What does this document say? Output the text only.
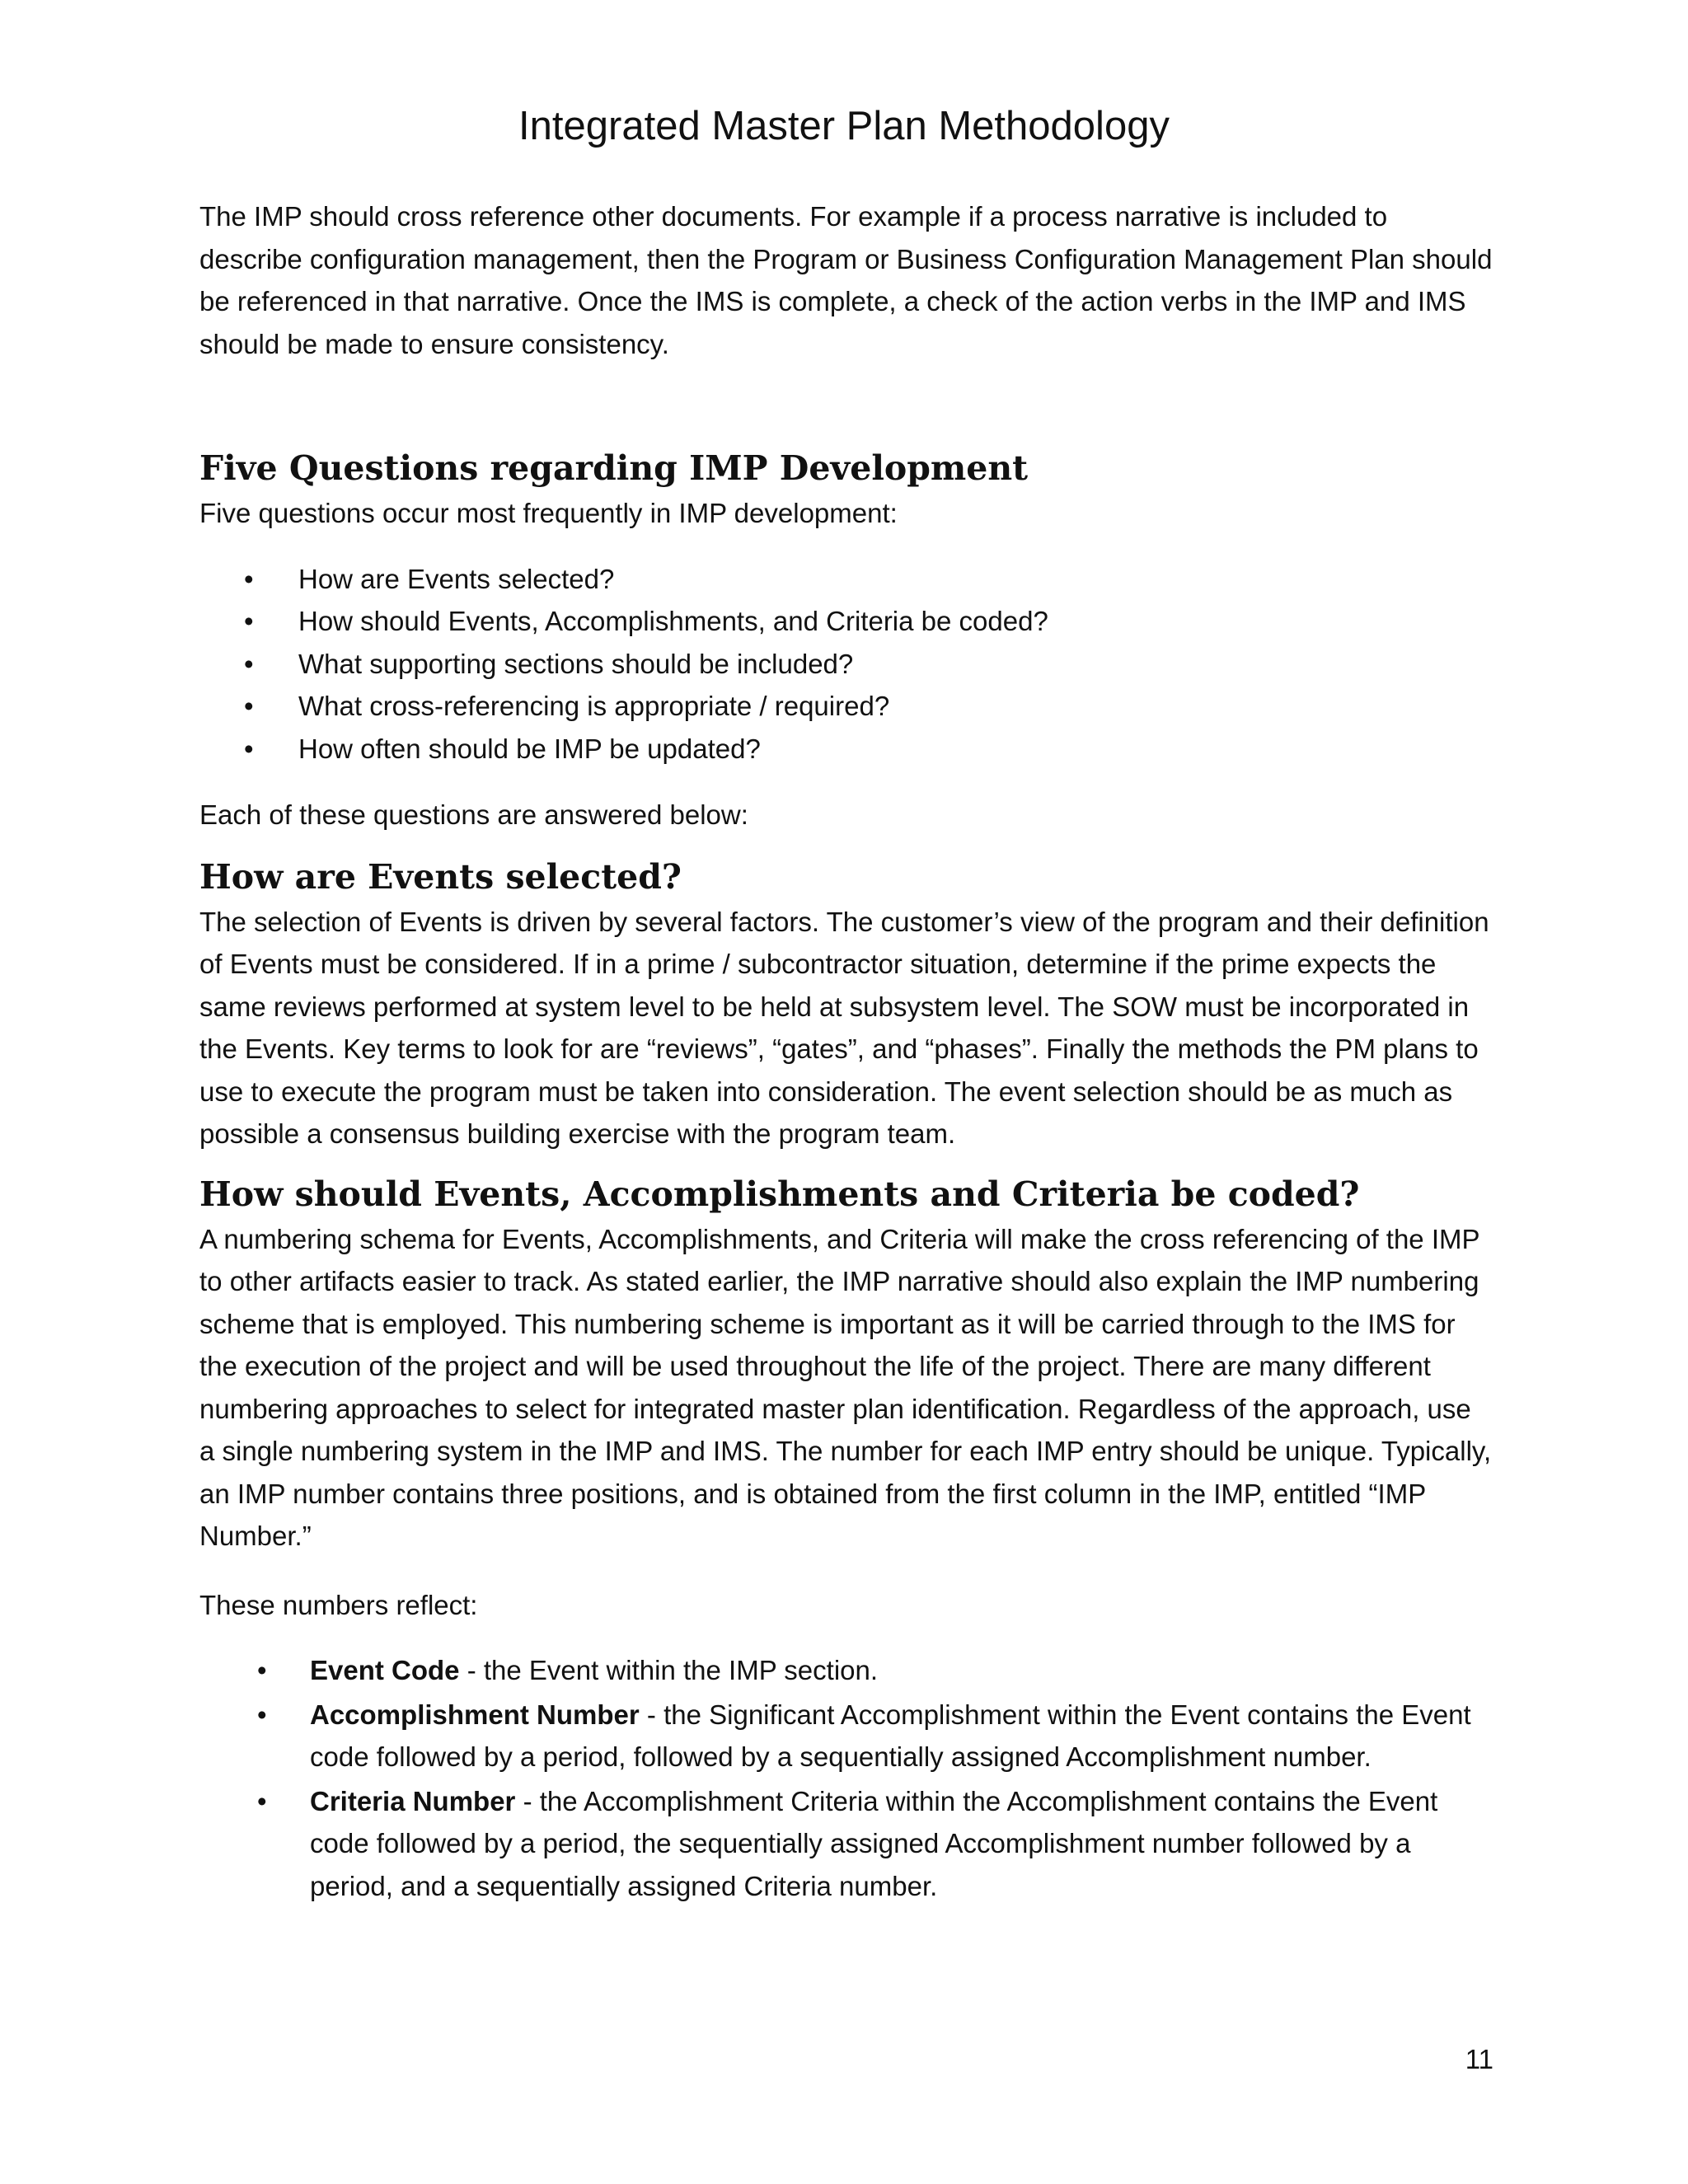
Integrated Master Plan Methodology

The IMP should cross reference other documents. For example if a process narrative is included to describe configuration management, then the Program or Business Configuration Management Plan should be referenced in that narrative. Once the IMS is complete, a check of the action verbs in the IMP and IMS should be made to ensure consistency.

Five Questions regarding IMP Development

Five questions occur most frequently in IMP development:

• How are Events selected?
• How should Events, Accomplishments, and Criteria be coded?
• What supporting sections should be included?
• What cross-referencing is appropriate / required?
• How often should be IMP be updated?

Each of these questions are answered below:

How are Events selected?

The selection of Events is driven by several factors. The customer’s view of the program and their definition of Events must be considered. If in a prime / subcontractor situation, determine if the prime expects the same reviews performed at system level to be held at subsystem level. The SOW must be incorporated in the Events. Key terms to look for are “reviews”, “gates”, and “phases”. Finally the methods the PM plans to use to execute the program must be taken into consideration. The event selection should be as much as possible a consensus building exercise with the program team.

How should Events, Accomplishments and Criteria be coded?

A numbering schema for Events, Accomplishments, and Criteria will make the cross referencing of the IMP to other artifacts easier to track. As stated earlier, the IMP narrative should also explain the IMP numbering scheme that is employed. This numbering scheme is important as it will be carried through to the IMS for the execution of the project and will be used throughout the life of the project. There are many different numbering approaches to select for integrated master plan identification. Regardless of the approach, use a single numbering system in the IMP and IMS. The number for each IMP entry should be unique. Typically, an IMP number contains three positions, and is obtained from the first column in the IMP, entitled “IMP Number.”

These numbers reflect:

• Event Code - the Event within the IMP section.
• Accomplishment Number - the Significant Accomplishment within the Event contains the Event code followed by a period, followed by a sequentially assigned Accomplishment number.
• Criteria Number - the Accomplishment Criteria within the Accomplishment contains the Event code followed by a period, the sequentially assigned Accomplishment number followed by a period, and a sequentially assigned Criteria number.
11
